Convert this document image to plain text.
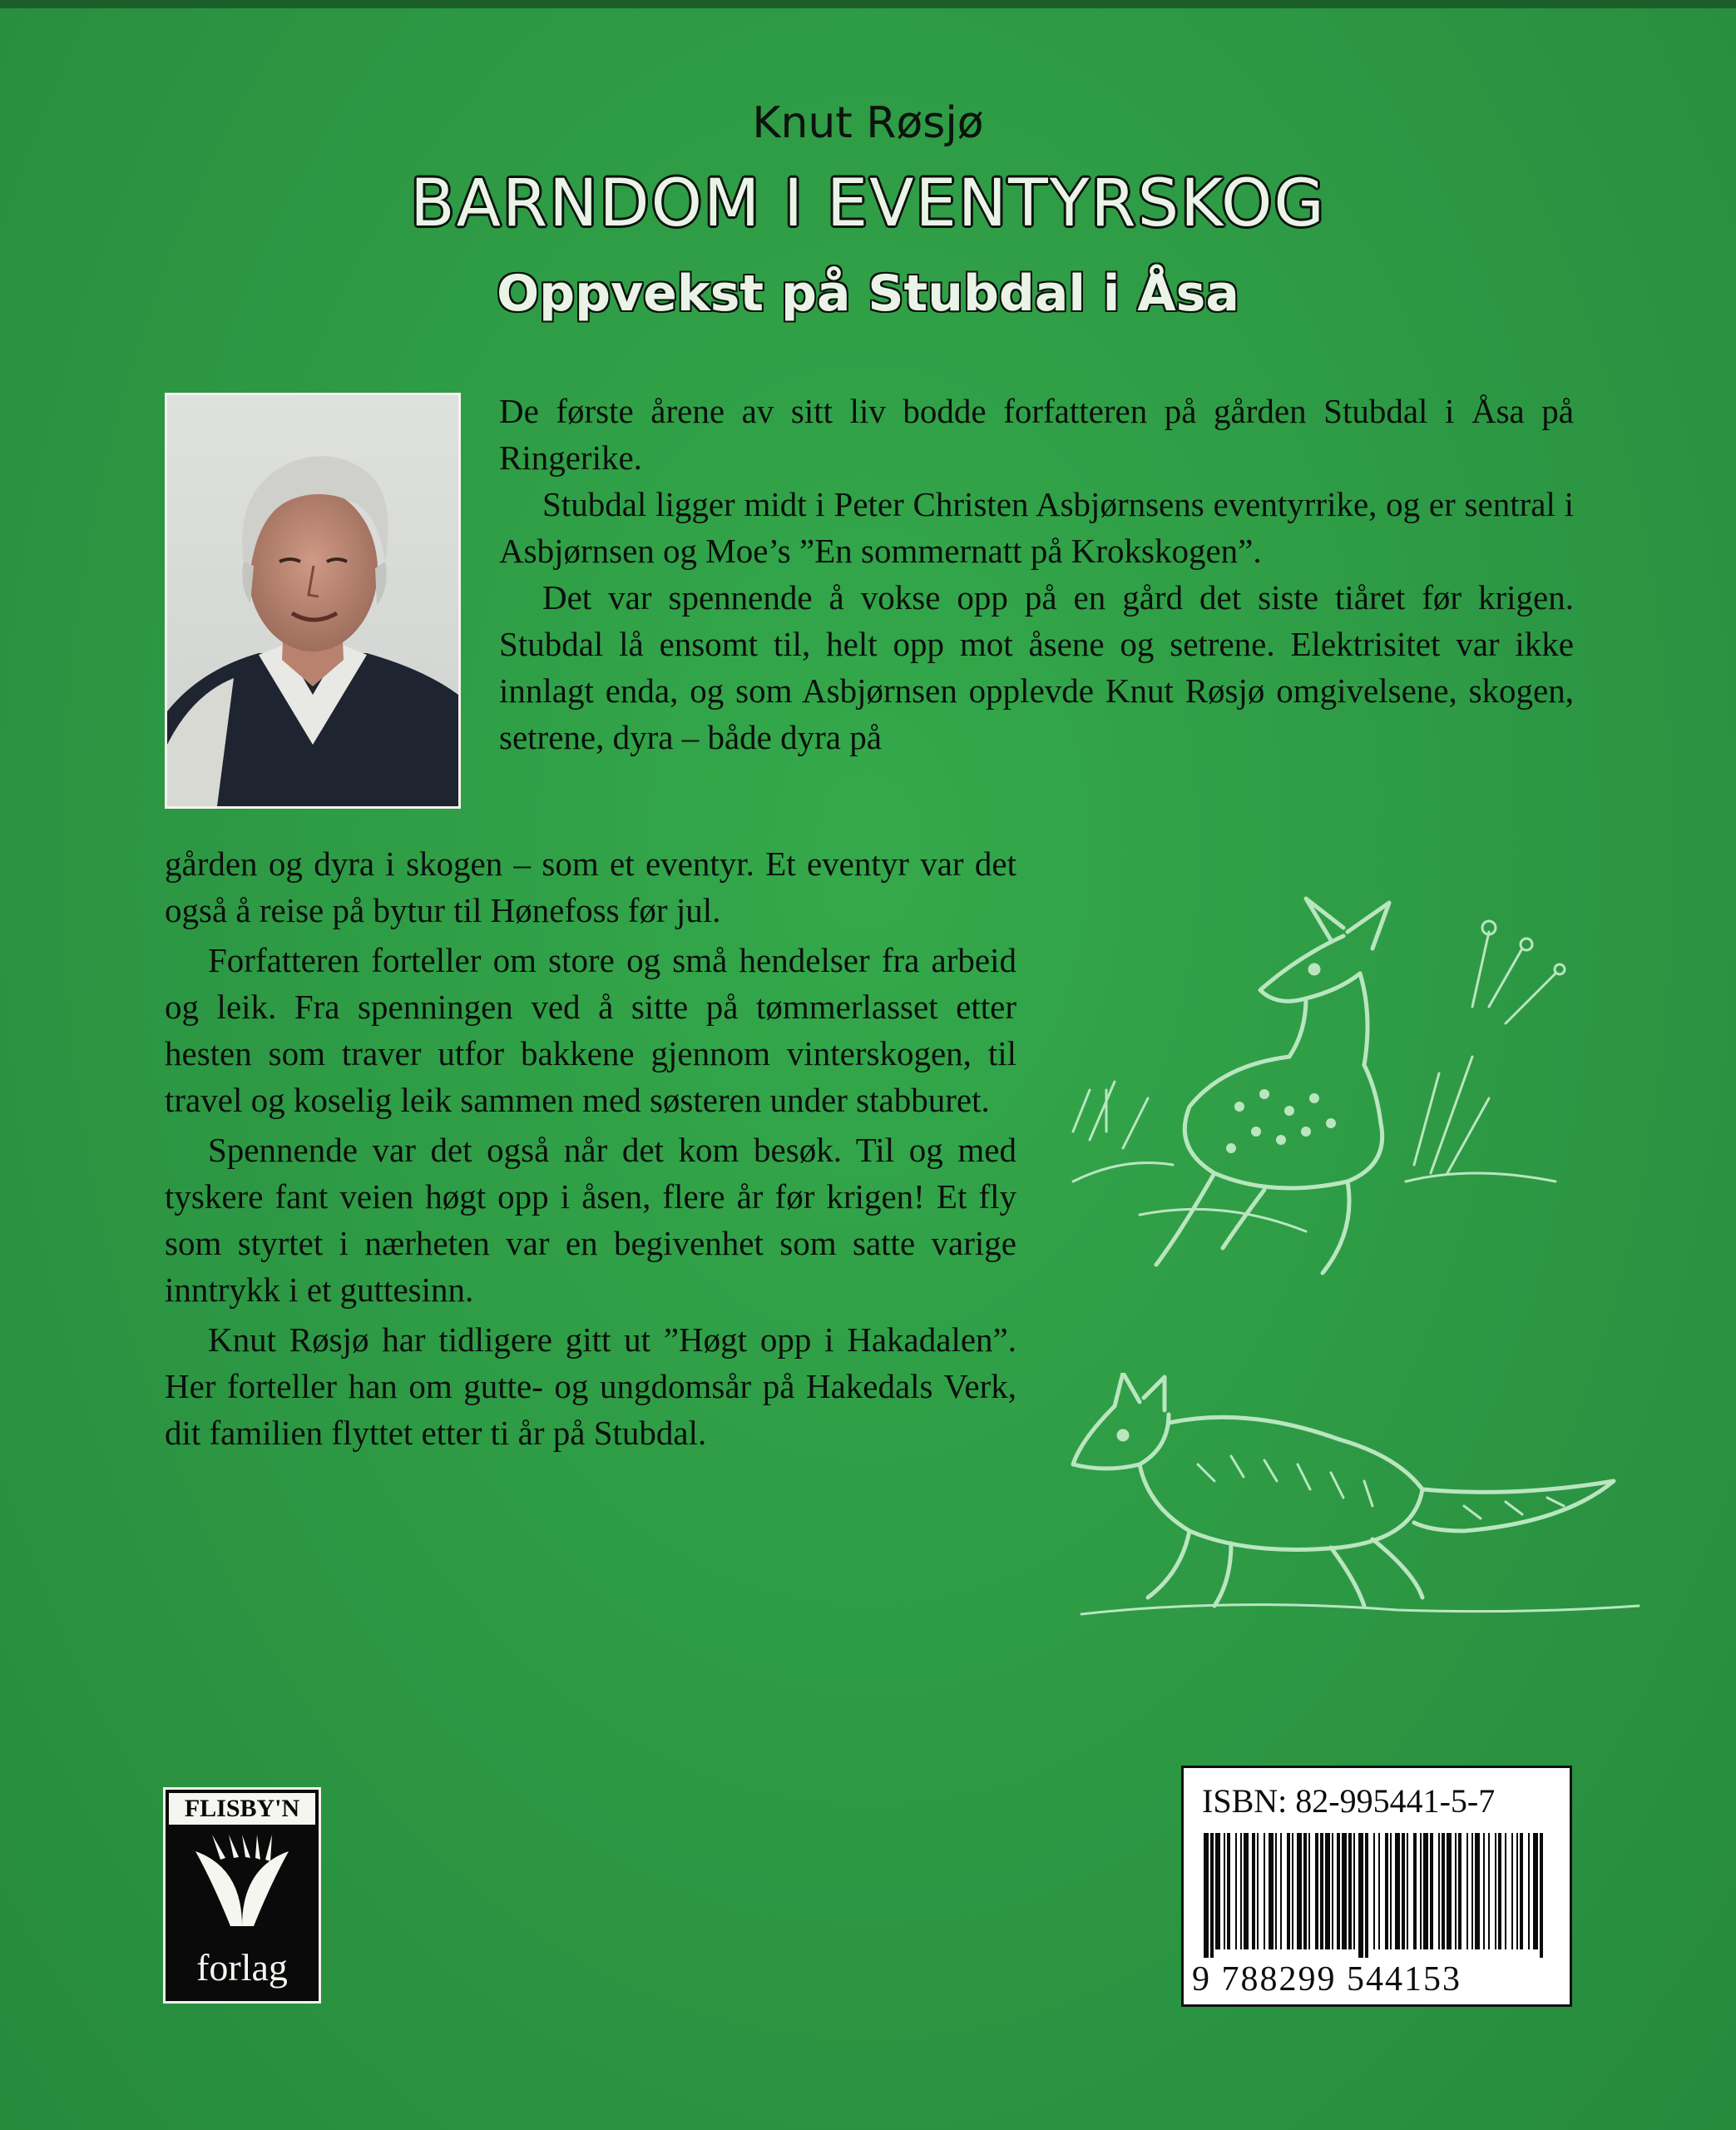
Knut Røsjø
BARNDOM I EVENTYRSKOG
Oppvekst på Stubdal i Åsa

De første årene av sitt liv bodde forfatteren på gården Stubdal i Åsa på Ringerike.

Stubdal ligger midt i Peter Christen Asbjørnsens eventyrrike, og er sentral i Asbjørnsen og Moe’s ”En sommernatt på Krokskogen”.

Det var spennende å vokse opp på en gård det siste tiåret før krigen. Stubdal lå ensomt til, helt opp mot åsene og setrene. Elektrisitet var ikke innlagt enda, og som Asbjørnsen opplevde Knut Røsjø omgivelsene, skogen, setrene, dyra – både dyra på

gården og dyra i skogen – som et eventyr. Et eventyr var det også å reise på bytur til Hønefoss før jul.

Forfatteren forteller om store og små hendelser fra arbeid og leik. Fra spenningen ved å sitte på tømmerlasset etter hesten som traver utfor bakkene gjennom vinterskogen, til travel og koselig leik sammen med søsteren under stabburet.

Spennende var det også når det kom besøk. Til og med tyskere fant veien høgt opp i åsen, flere år før krigen! Et fly som styrtet i nærheten var en begivenhet som satte varige inntrykk i et guttesinn.

Knut Røsjø har tidligere gitt ut ”Høgt opp i Hakadalen”. Her forteller han om gutte- og ungdomsår på Hakedals Verk, dit familien flyttet etter ti år på Stubdal.

FLISBY'N
forlag
ISBN: 82-995441-5-7
9 788299 544153
